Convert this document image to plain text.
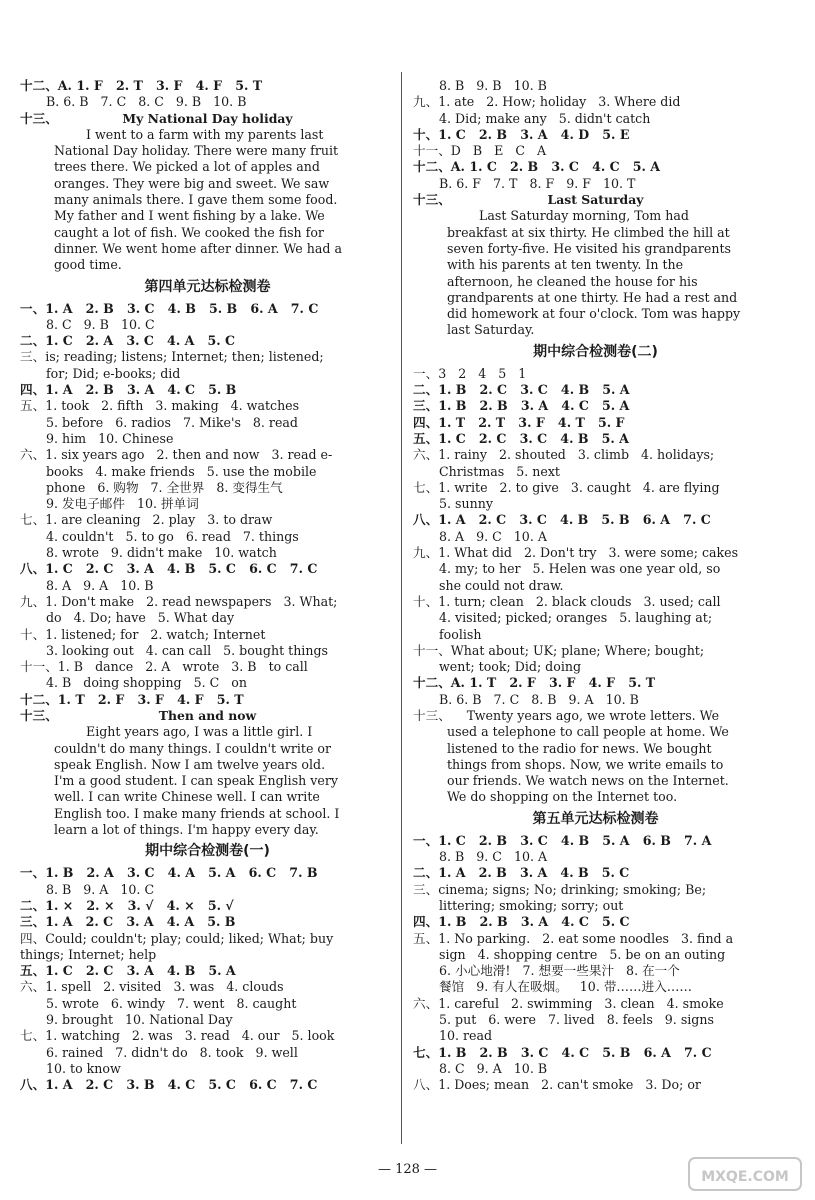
十二、A. 1. F   2. T   3. F   4. F   5. T
B. 6. B   7. C   8. C   9. B   10. B
十三、	My National Day holiday
I went to a farm with my parents last
National Day holiday. There were many fruit
trees there. We picked a lot of apples and
oranges. They were big and sweet. We saw
many animals there. I gave them some food.
My father and I went fishing by a lake. We
caught a lot of fish. We cooked the fish for
dinner. We went home after dinner. We had a
good time.
第四单元达标检测卷
一、1. A   2. B   3. C   4. B   5. B   6. A   7. C
8. C   9. B   10. C
二、1. C   2. A   3. C   4. A   5. C
三、is; reading; listens; Internet; then; listened;
for; Did; e-books; did
四、1. A   2. B   3. A   4. C   5. B
五、1. took   2. fifth   3. making   4. watches
5. before   6. radios   7. Mike's   8. read
9. him   10. Chinese
六、1. six years ago   2. then and now   3. read e-
books   4. make friends   5. use the mobile
phone   6. 购物   7. 全世界   8. 变得生气
9. 发电子邮件   10. 拼单词
七、1. are cleaning   2. play   3. to draw
4. couldn't   5. to go   6. read   7. things
8. wrote   9. didn't make   10. watch
八、1. C   2. C   3. A   4. B   5. C   6. C   7. C
8. A   9. A   10. B
九、1. Don't make   2. read newspapers   3. What;
do   4. Do; have   5. What day
十、1. listened; for   2. watch; Internet
3. looking out   4. can call   5. bought things
十一、1. B   dance   2. A   wrote   3. B   to call
4. B   doing shopping   5. C   on
十二、1. T   2. F   3. F   4. F   5. T
十三、	Then and now
Eight years ago, I was a little girl. I
couldn't do many things. I couldn't write or
speak English. Now I am twelve years old.
I'm a good student. I can speak English very
well. I can write Chinese well. I can write
English too. I make many friends at school. I
learn a lot of things. I'm happy every day.
期中综合检测卷(一)
一、1. B   2. A   3. C   4. A   5. A   6. C   7. B
8. B   9. A   10. C
二、1. ×   2. ×   3. √   4. ×   5. √
三、1. A   2. C   3. A   4. A   5. B
四、Could; couldn't; play; could; liked; What; buy
things; Internet; help
五、1. C   2. C   3. A   4. B   5. A
六、1. spell   2. visited   3. was   4. clouds
5. wrote   6. windy   7. went   8. caught
9. brought   10. National Day
七、1. watching   2. was   3. read   4. our   5. look
6. rained   7. didn't do   8. took   9. well
10. to know
八、1. A   2. C   3. B   4. C   5. C   6. C   7. C
8. B   9. B   10. B
九、1. ate   2. How; holiday   3. Where did
4. Did; make any   5. didn't catch
十、1. C   2. B   3. A   4. D   5. E
十一、D   B   E   C   A
十二、A. 1. C   2. B   3. C   4. C   5. A
B. 6. F   7. T   8. F   9. F   10. T
十三、	Last Saturday
Last Saturday morning, Tom had
breakfast at six thirty. He climbed the hill at
seven forty-five. He visited his grandparents
with his parents at ten twenty. In the
afternoon, he cleaned the house for his
grandparents at one thirty. He had a rest and
did homework at four o'clock. Tom was happy
last Saturday.
期中综合检测卷(二)
一、3   2   4   5   1
二、1. B   2. C   3. C   4. B   5. A
三、1. B   2. B   3. A   4. C   5. A
四、1. T   2. T   3. F   4. T   5. F
五、1. C   2. C   3. C   4. B   5. A
六、1. rainy   2. shouted   3. climb   4. holidays;
Christmas   5. next
七、1. write   2. to give   3. caught   4. are flying
5. sunny
八、1. A   2. C   3. C   4. B   5. B   6. A   7. C
8. A   9. C   10. A
九、1. What did   2. Don't try   3. were some; cakes
4. my; to her   5. Helen was one year old, so
she could not draw.
十、1. turn; clean   2. black clouds   3. used; call
4. visited; picked; oranges   5. laughing at;
foolish
十一、What about; UK; plane; Where; bought;
went; took; Did; doing
十二、A. 1. T   2. F   3. F   4. F   5. T
B. 6. B   7. C   8. B   9. A   10. B
十三、    Twenty years ago, we wrote letters. We
used a telephone to call people at home. We
listened to the radio for news. We bought
things from shops. Now, we write emails to
our friends. We watch news on the Internet.
We do shopping on the Internet too.
第五单元达标检测卷
一、1. C   2. B   3. C   4. B   5. A   6. B   7. A
8. B   9. C   10. A
二、1. A   2. B   3. A   4. B   5. C
三、cinema; signs; No; drinking; smoking; Be;
littering; smoking; sorry; out
四、1. B   2. B   3. A   4. C   5. C
五、1. No parking.   2. eat some noodles   3. find a
sign   4. shopping centre   5. be on an outing
6. 小心地滑!   7. 想要一些果汁   8. 在一个
餐馆   9. 有人在吸烟。   10. 带……进入……
六、1. careful   2. swimming   3. clean   4. smoke
5. put   6. were   7. lived   8. feels   9. signs
10. read
七、1. B   2. B   3. C   4. C   5. B   6. A   7. C
8. C   9. A   10. B
八、1. Does; mean   2. can't smoke   3. Do; or
— 128 —	MXQE.COM
